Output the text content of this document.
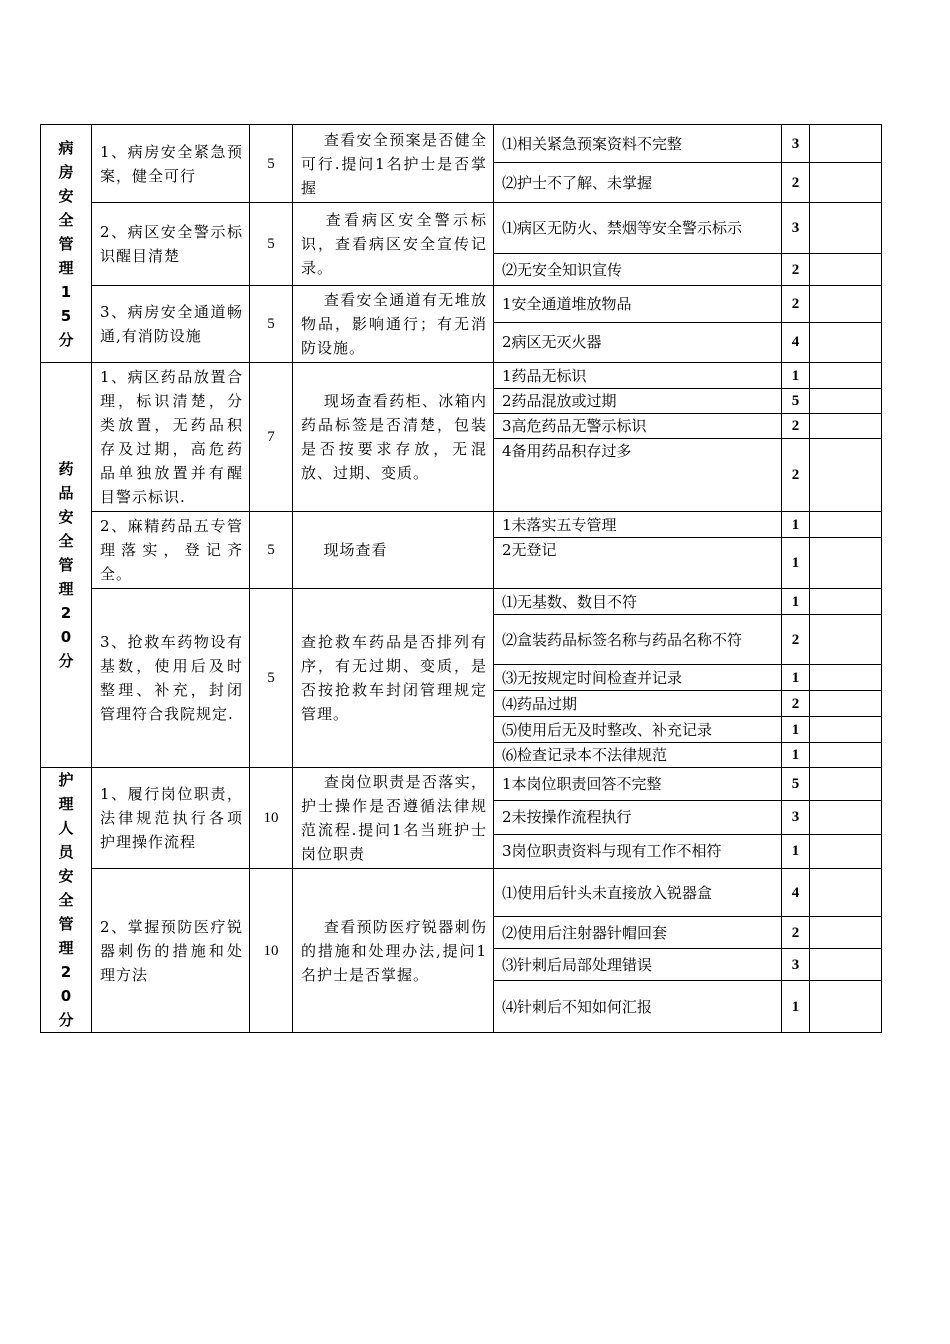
病房安全管理15分	1、病房安全紧急预案，健全可行	5	查看安全预案是否健全可行.提问1名护士是否掌握	⑴相关紧急预案资料不完整	3	
				⑵护士不了解、未掌握	2	
	2、病区安全警示标识醒目清楚	5	查看病区安全警示标识，查看病区安全宣传记录。	⑴病区无防火、禁烟等安全警示标示	3	
				⑵无安全知识宣传	2	
	3、病房安全通道畅通,有消防设施	5	查看安全通道有无堆放物品，影响通行；有无消防设施。	1安全通道堆放物品	2	
				2病区无灭火器	4	
药品安全管理20分	1、病区药品放置合理，标识清楚，分类放置，无药品积存及过期，高危药品单独放置并有醒目警示标识.	7	现场查看药柜、冰箱内药品标签是否清楚，包装是否按要求存放，无混放、过期、变质。	1药品无标识	1	
				2药品混放或过期	5	
				3高危药品无警示标识	2	
				4备用药品积存过多	2	
	2、麻精药品五专管理落实，登记齐全。	5	现场查看	1未落实五专管理	1	
				2无登记	1	
	3、抢救车药物设有基数，使用后及时整理、补充，封闭管理符合我院规定.	5	查抢救车药品是否排列有序，有无过期、变质，是否按抢救车封闭管理规定管理。	⑴无基数、数目不符	1	
				⑵盒装药品标签名称与药品名称不符	2	
				⑶无按规定时间检查并记录	1	
				⑷药品过期	2	
				⑸使用后无及时整改、补充记录	1	
				⑹检查记录本不法律规范	1	
护理人员安全管理20分	1、履行岗位职责，法律规范执行各项护理操作流程	10	查岗位职责是否落实，护士操作是否遵循法律规范流程.提问1名当班护士岗位职责	1本岗位职责回答不完整	5	
				2未按操作流程执行	3	
				3岗位职责资料与现有工作不相符	1	
	2、掌握预防医疗锐器刺伤的措施和处理方法	10	查看预防医疗锐器刺伤的措施和处理办法,提问1名护士是否掌握。	⑴使用后针头未直接放入锐器盒	4	
				⑵使用后注射器针帽回套	2	
				⑶针刺后局部处理错误	3	
				⑷针刺后不知如何汇报	1	
